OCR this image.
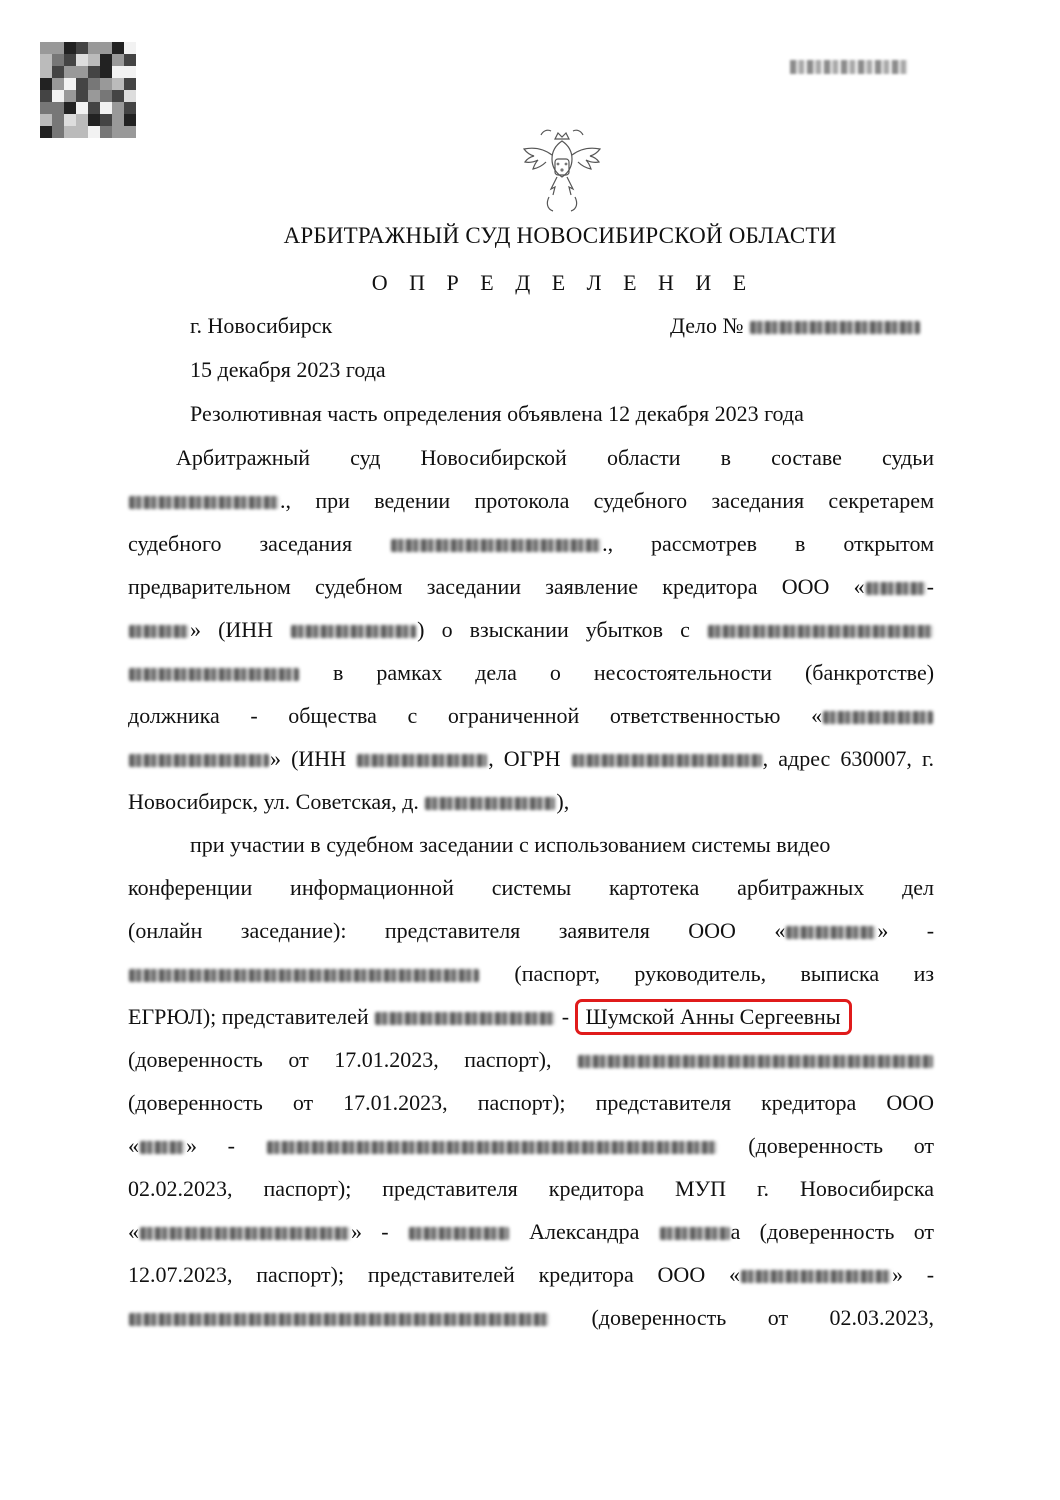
АРБИТРАЖНЫЙ СУД НОВОСИБИРСКОЙ ОБЛАСТИ
О П Р Е Д Е Л Е Н И Е
г. Новосибирск	Дело №
15 декабря 2023 года
Резолютивная часть определения объявлена 12 декабря 2023 года
Арбитражный суд Новосибирской области в составе судьи
., при ведении протокола судебного заседания секретарем
судебного заседания	., рассмотрев в открытом
предварительном судебном заседании заявление кредитора ООО «	-
» (ИНН	) о взыскании убытков с
в рамках дела о несостоятельности (банкротстве)
должника - общества с ограниченной ответственностью «
» (ИНН	, ОГРН	, адрес 630007, г.
Новосибирск, ул. Советская, д.	),
при участии в судебном заседании с использованием системы видео
конференции информационной системы картотека арбитражных дел
(онлайн заседание): представителя заявителя ООО «	» -
(паспорт, руководитель, выписка из
ЕГРЮЛ); представителей	- Шумской Анны Сергеевны
(доверенность от 17.01.2023, паспорт),
(доверенность от 17.01.2023, паспорт); представителя кредитора ООО
« » -	(доверенность от
02.02.2023, паспорт); представителя кредитора МУП г. Новосибирска
«	» -	Александра	а (доверенность от
12.07.2023, паспорт); представителей кредитора ООО «	» -
(доверенность от 02.03.2023,
